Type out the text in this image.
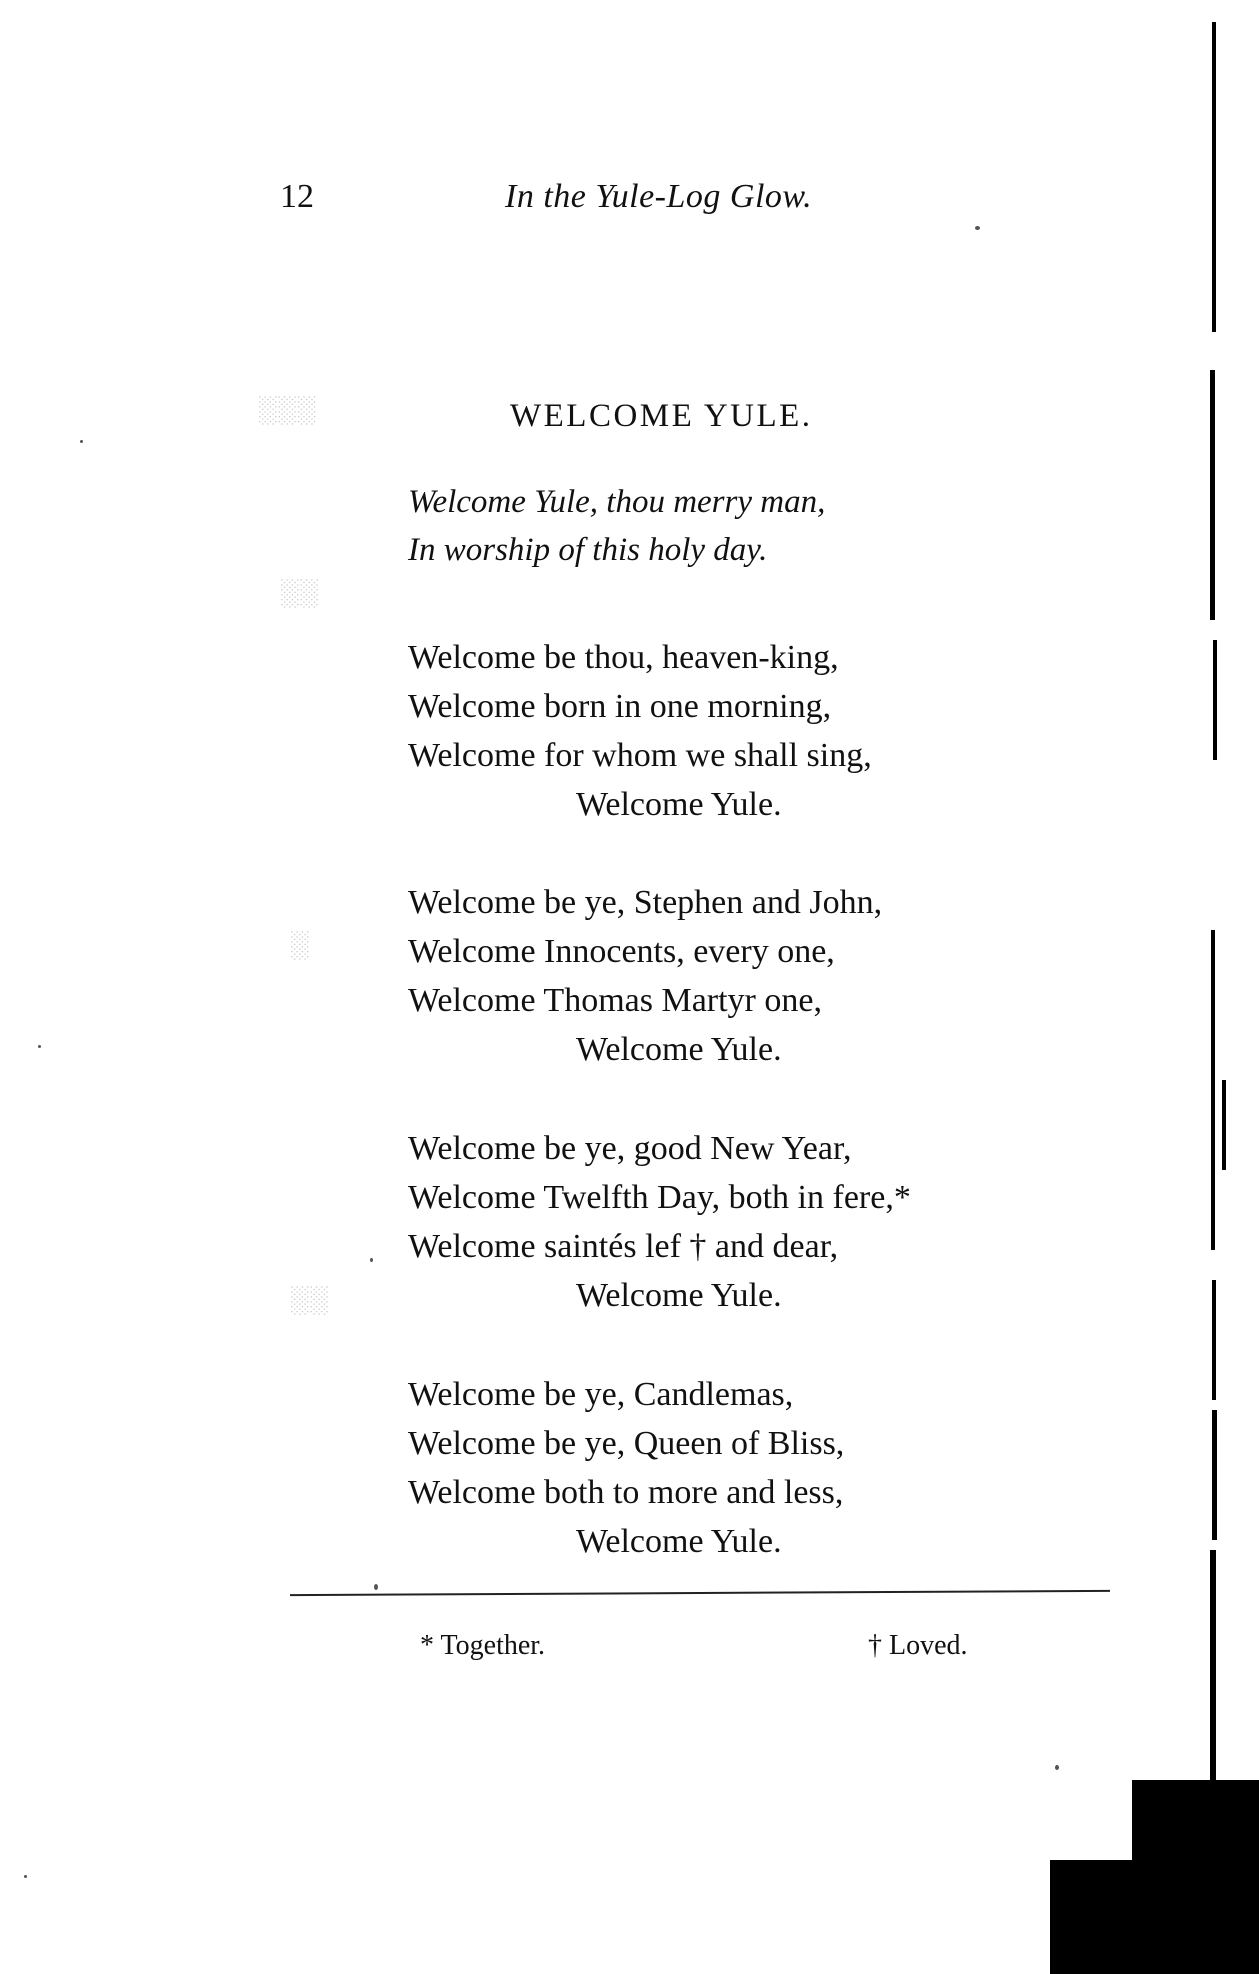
░░░
░░
░
░░
12	In the Yule-Log Glow.
WELCOME YULE.
Welcome Yule, thou merry man,
In worship of this holy day.
Welcome be thou, heaven-king,
Welcome born in one morning,
Welcome for whom we shall sing,
Welcome Yule.
Welcome be ye, Stephen and John,
Welcome Innocents, every one,
Welcome Thomas Martyr one,
Welcome Yule.
Welcome be ye, good New Year,
Welcome Twelfth Day, both in fere,*
Welcome saintés lef † and dear,
Welcome Yule.
Welcome be ye, Candlemas,
Welcome be ye, Queen of Bliss,
Welcome both to more and less,
Welcome Yule.
* Together.	† Loved.
